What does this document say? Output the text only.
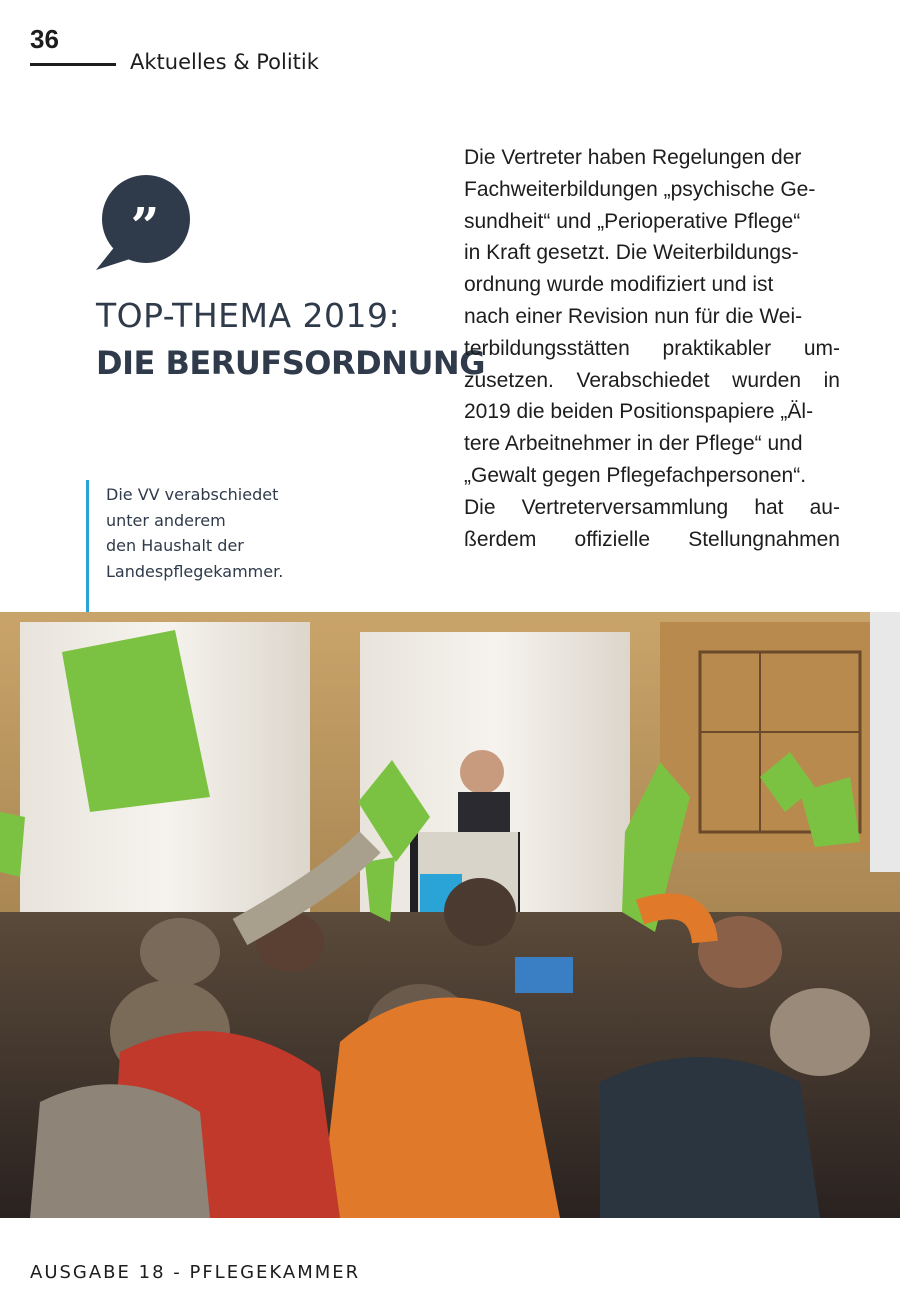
36
Aktuelles & Politik
”
TOP-THEMA 2019:
DIE BERUFSORDNUNG
Die VV verabschiedet
unter anderem
den Haushalt der
Landespflegekammer.
Die Vertreter haben Regelungen der
Fachweiterbildungen „psychische Ge-
sundheit“ und „Perioperative Pflege“
in Kraft gesetzt. Die Weiterbildungs-
ordnung wurde modifiziert und ist
nach einer Revision nun für die Wei-
terbildungsstätten praktikabler um-
zusetzen. Verabschiedet wurden in
2019 die beiden Positionspapiere „Äl-
tere Arbeitnehmer in der Pflege“ und
„Gewalt gegen Pflegefachpersonen“.
Die Vertreterversammlung hat au-
ßerdem offizielle Stellungnahmen
AUSGABE 18 - PFLEGEKAMMER
